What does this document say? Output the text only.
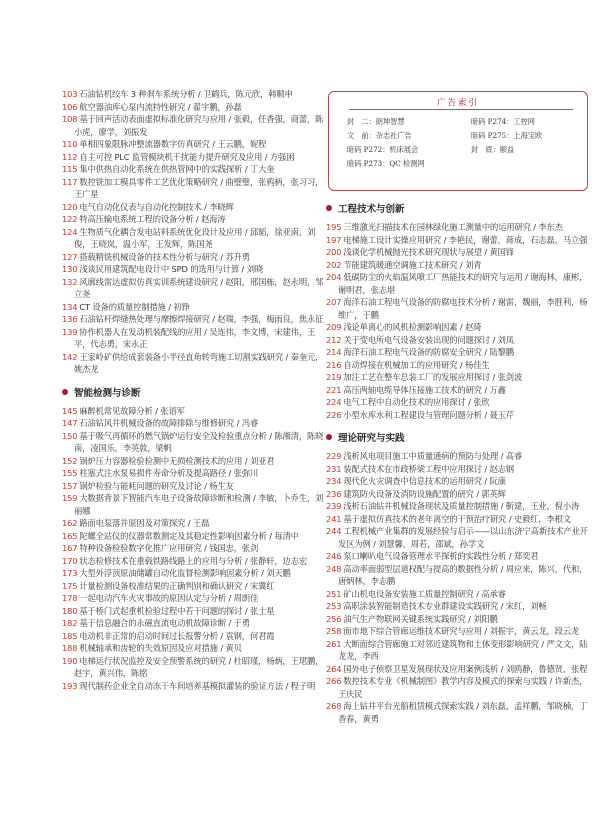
103 石油钻机绞车 3 种刹车系统分析 / 卫鹤兵，陈元欣，韩顺申
106 航空器油库心泵内流特性研究 / 翟宇鹏，孙磊
108 基于回声活动表面虚拟标准化研究与应用 / 张毅，任香强，商蕾，陈小虎，廖学，刘振发
110 单相四象限脉冲整流器数字仿真研究 / 王云鹏，妮程
112 自主可控 PLC 监管模块机干扰能力提升研究及应用 / 方强困
115 集中供热自动化系统在供热管网中的实践探析 / 丁大奎
117 数控铣加工模具零件工艺优化策略研究 / 曲璧璧，张鸦柄，张习习，王广星
120 电气自动化仪表与自动化控制技术 / 李晓辉
122 特高压输电系统工程的设备分析 / 赵海涛
124 生物质气化耦合发电站料系统优化设计及应用 / 邱韬，徐亚南，刘俊，王晓岚，温小军，王发辉，陈国尧
127 搭载精铣机械设备的技术性分析与研究 / 苏升勇
130 浅谈民用建筑配电设计中 SPD 的选用与计算 / 刘晓
132 风廓线雷达虚拟仿真实训系统建设研究 / 赵阳，邢国栋，赵永明，邹立尧
134 CT 设备的质量控制措施 / 初铮
136 石油钻杆焊缝热处理与摩擦焊接研究 / 赵瑞，李强，梅雨良，焦永征
139 协作机器人在发动机装配线的应用 / 吴连伟，李文博，宋建伟，王平，代志勇，宋永正
142 王家岭矿供给成套装备小半径直角转弯施工切割实践研究 / 秦奎元，姚杰龙
智能检测与诊断
145 麻醉机常见故障分析 / 张语军
147 石油钻风井机械设备的故障排除与维修研究 / 冯睿
150 基于吸气再循环的燃气锅炉运行安全及检验重点分析 / 陈湘清，陈晓南，凌国乐，李英敦，梁帆
152 锅炉压力容器检验检测中无损检测技术的应用 / 刘亚君
155 柱塞式注水泵易损件寿命分析及提高路径 / 张弥川
157 锅炉检验与能耗问题的研究及讨论 / 杨生友
159 大数据背景下智能汽车电子设备故障诊断和检测 / 李敏，卜乔生，刘丽娜
162 路面电泵落并原因及对策探究 / 王磊
165 陀螺全站仪的仪器常数测定及其稳定性影响因素分析 / 每清中
167 特种设备检验数字化推广应用研究 / 钱国忠，张剑
170 状态检修技术在重载铁路线路上的应用与分析 / 张静轩，边志宏
173 大型外浮顶原油储罐自动化监督检测影响因素分析 / 刘天鹏
175 计量检测设备校准结果的正确判别和确认研究 / 宋冀红
178 一起电动汽车火灾事故的原因认定与分析 / 周朗佳
180 基于桥门式起重机检验过程中若干问题的探讨 / 张士星
182 基于信息融合的永磁直流电动机故障诊断 / 于勇
185 电动机非正常的启动时间过长报警分析 / 袁钢，何君霞
188 机械轴承和齿轮的失效原因及应对措施 / 黄贝
190 电梯运行状况监控及安全预警系统的研究 / 杜昭瑾，杨炳，王珺鹏，赵宇，黄兴伟，陈铭
193 现代制药企业全自动冻干车间培养基模拟灌装的验证方法 / 程子明
广告索引
封　二：朗坤智慧	暗码 P274：工控网
文　前：杂志社广告	暗码 P275：上海宝欧
暗码 P272：机床展会	封　底：颐益
暗码 P273：QC 检测网
工程技术与创新
195 三维激光扫描技术在园林绿化施工测量中的运用研究 / 李东杰
197 电梯施工设计实操应用研究 / 李艳民，谢蕾，蒋成，石志磊，马立强
200 浅谈化学机械抛光技术研究现状与展望 / 黄国锋
202 节能建筑暖通空调施工技术研究 / 刘青
204 低碳防尘的火焰温风喷工厂热能技术的研究与运用 / 谢海林，康彬，谢明君，张志堪
207 海洋石油工程电气设备的防腐电技术分析 / 谢雷，魏丽，李胜利，杨维广，于鹏
209 浅论单离心的风机检测影响因素 / 赵琦
212 关于变电所电气设备安装出现的问题探讨 / 刘凤
214 海洋石油工程电气设备的防腐安全研究 / 陆黎鹏
216 自动焊接在机械加工的应用研究 / 杨佳生
219 加注工艺在整车总装工厂的发展应用探讨 / 张剑波
221 高压两轴电缆导体压接施工技术的研究 / 万鑫
224 电气工程中自动化技术的应用探讨 / 张欣
226 小型水库水利工程建设与管理问题分析 / 聂玉芹
理论研究与实践
229 浅析风电项目施工中质量通病的预防与处理 / 高睿
231 装配式技术在市政桥梁工程中应用探讨 / 赵志钢
234 现代化火灾调查中信息技术的运用研究 / 阮康
236 建筑防火设备及消防设施配置的研究 / 郭英辉
239 浅析石油钻井机械设备现状及质量控制措施 / 靳建，王业，倪小涛
241 基于虚拟仿真技术的老年离空的干预治疗研究 / 史毅红，李根文
244 工程机械产业集群的发展经验与启示——以山东济宁高新技术产业开发区为例 / 刘慧馨，周若，邵斌，孙学文
246 泵口喇叭电气设备管理水平探析的实践性分析 / 郑奕君
248 高动率面弱型层道权配与提高的数据性分析 / 周应来，陈兴，代和，唐炳林，李志鹏
251 矿山机电设备安装施工质量控制研究 / 高承睿
253 高职涂装智能制造技术专业群建设实践研究 / 宋红，刘畅
256 油气生产物联网关键系统实践研究 / 刘阳鹏
258 面市地下综合管廊运维技术研究与应用 / 刘振宇，黄云龙，段云龙
261 大断面综合管廊施工对邻近建筑物和土体变形影响研究 / 严文文，陆龙龙，李西
264 国外电子侦察卫星发展现状及应用案例浅析 / 刘鸥静，鲁德贤，张程
266 数控技术专业《机械制图》教学内容及模式的探索与实践 / 许新杰，王庆民
268 海上钻井平台光船租赁模式探索实践 / 刘东磊，孟祥鹏，邹晓楠，丁香春，黄勇
